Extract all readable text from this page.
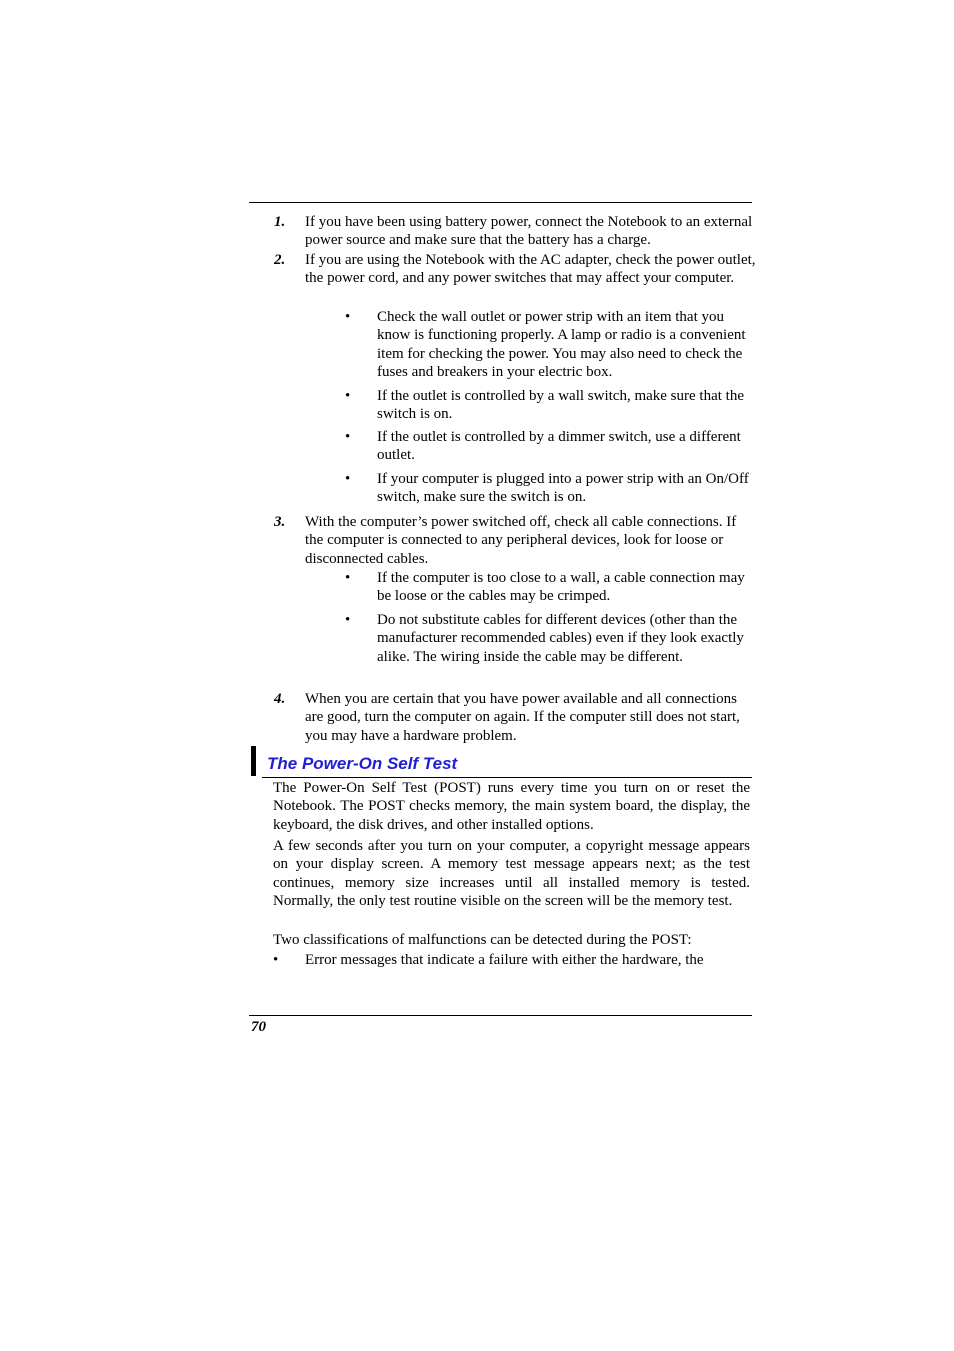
1. If you have been using battery power, connect the Notebook to an external power source and make sure that the battery has a charge.
2. If you are using the Notebook with the AC adapter, check the power outlet, the power cord, and any power switches that may affect your computer.
• Check the wall outlet or power strip with an item that you know is functioning properly. A lamp or radio is a convenient item for checking the power. You may also need to check the fuses and breakers in your electric box.
• If the outlet is controlled by a wall switch, make sure that the switch is on.
• If the outlet is controlled by a dimmer switch, use a different outlet.
• If your computer is plugged into a power strip with an On/Off switch, make sure the switch is on.
3. With the computer’s power switched off, check all cable connections. If the computer is connected to any peripheral devices, look for loose or disconnected cables.
• If the computer is too close to a wall, a cable connection may be loose or the cables may be crimped.
• Do not substitute cables for different devices (other than the manufacturer recommended cables) even if they look exactly alike. The wiring inside the cable may be different.
4. When you are certain that you have power available and all connections are good, turn the computer on again. If the computer still does not start, you may have a hardware problem.
The Power-On Self Test
The Power-On Self Test (POST) runs every time you turn on or reset the Notebook. The POST checks memory, the main system board, the display, the keyboard, the disk drives, and other installed options.
A few seconds after you turn on your computer, a copyright message appears on your display screen. A memory test message appears next; as the test continues, memory size increases until all installed memory is tested. Normally, the only test routine visible on the screen will be the memory test.
Two classifications of malfunctions can be detected during the POST:
• Error messages that indicate a failure with either the hardware, the
70
